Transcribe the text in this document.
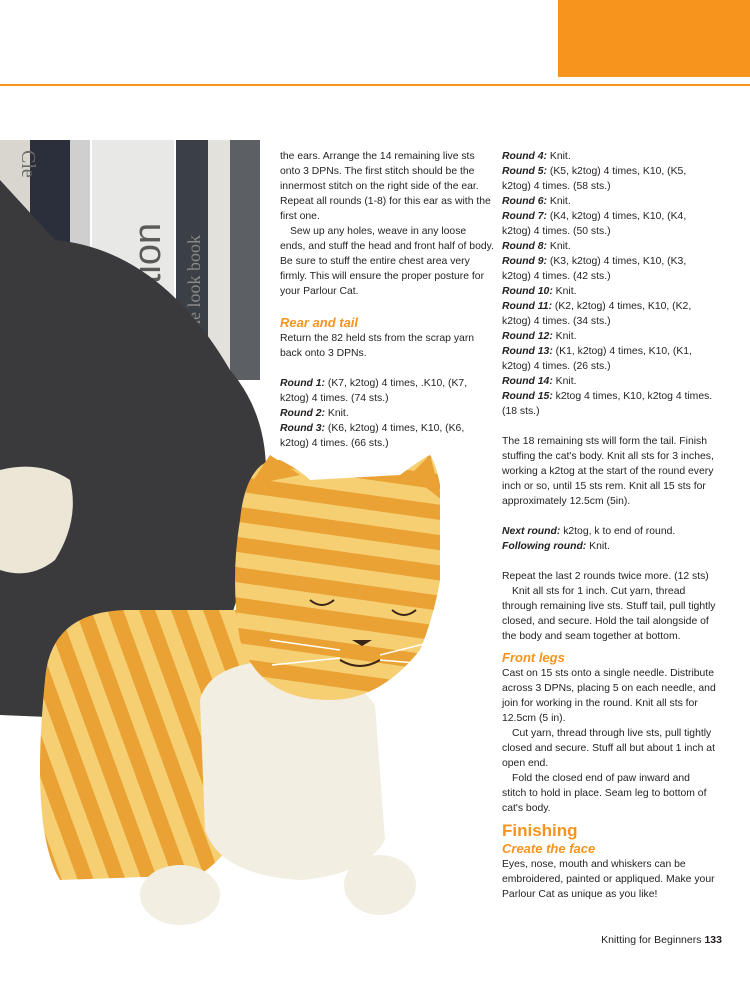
Cle
The look book

the ears. Arrange the 14 remaining live sts onto 3 DPNs. The first stitch should be the innermost stitch on the right side of the ear. Repeat all rounds (1-8) for this ear as with the first one.

Sew up any holes, weave in any loose ends, and stuff the head and front half of body. Be sure to stuff the entire chest area very firmly. This will ensure the proper posture for your Parlour Cat.

Rear and tail

Return the 82 held sts from the scrap yarn back onto 3 DPNs.

Round 1: (K7, k2tog) 4 times, .K10, (K7, k2tog) 4 times. (74 sts.)

Round 2: Knit.

Round 3: (K6, k2tog) 4 times, K10, (K6, k2tog) 4 times. (66 sts.)

Round 4: Knit.

Round 5: (K5, k2tog) 4 times, K10, (K5, k2tog) 4 times. (58 sts.)

Round 6: Knit.

Round 7: (K4, k2tog) 4 times, K10, (K4, k2tog) 4 times. (50 sts.)

Round 8: Knit.

Round 9: (K3, k2tog) 4 times, K10, (K3, k2tog) 4 times. (42 sts.)

Round 10: Knit.

Round 11: (K2, k2tog) 4 times, K10, (K2, k2tog) 4 times. (34 sts.)

Round 12: Knit.

Round 13: (K1, k2tog) 4 times, K10, (K1, k2tog) 4 times. (26 sts.)

Round 14: Knit.

Round 15: k2tog 4 times, K10, k2tog 4 times. (18 sts.)

The 18 remaining sts will form the tail. Finish stuffing the cat's body. Knit all sts for 3 inches, working a k2tog at the start of the round every inch or so, until 15 sts rem. Knit all 15 sts for approximately 12.5cm (5in).

Next round: k2tog, k to end of round.

Following round: Knit.

Repeat the last 2 rounds twice more. (12 sts)

Knit all sts for 1 inch. Cut yarn, thread through remaining live sts. Stuff tail, pull tightly closed, and secure. Hold the tail alongside of the body and seam together at bottom.

Front legs

Cast on 15 sts onto a single needle. Distribute across 3 DPNs, placing 5 on each needle, and join for working in the round. Knit all sts for 12.5cm (5 in).

Cut yarn, thread through live sts, pull tightly closed and secure. Stuff all but about 1 inch at open end.

Fold the closed end of paw inward and stitch to hold in place. Seam leg to bottom of cat's body.

Finishing
Create the face

Eyes, nose, mouth and whiskers can be embroidered, painted or appliqued. Make your Parlour Cat as unique as you like!

Knitting for Beginners 133
